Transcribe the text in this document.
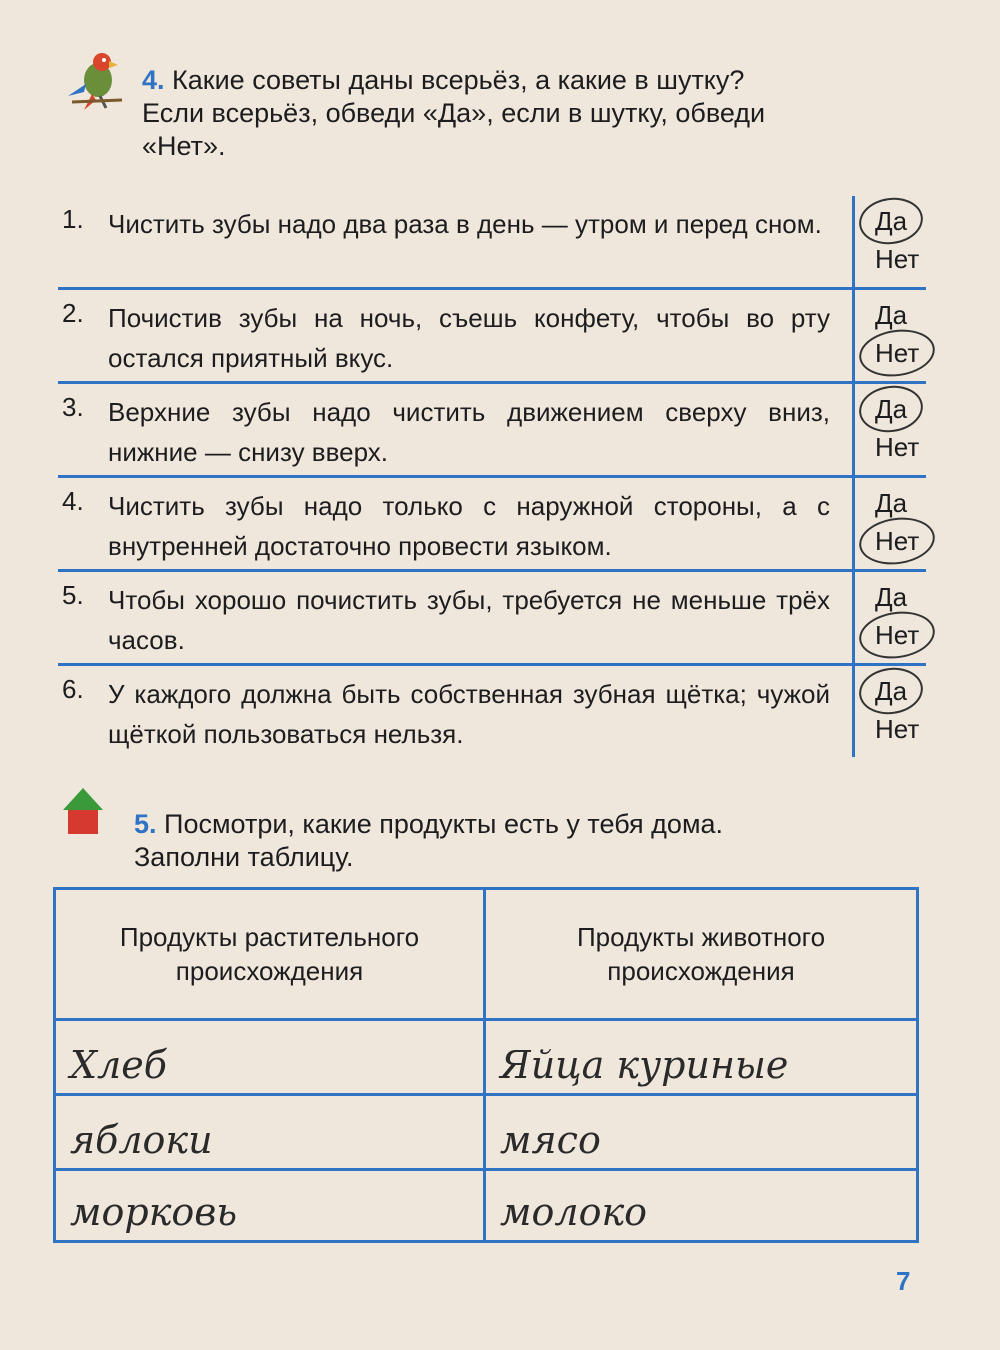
4. Какие советы даны всерьёз, а какие в шутку?
Если всерьёз, обведи «Да», если в шутку, обведи
«Нет».
1. Чистить зубы надо два раза в день — утром и перед сном.	Да
Нет
2. Почистив зубы на ночь, съешь конфету, чтобы во рту остался приятный вкус.
Да
Нет
3. Верхние зубы надо чистить движением сверху вниз, нижние — снизу вверх.
Да
Нет
4. Чистить зубы надо только с наружной стороны, а с внутренней достаточно провести языком.
Да
Нет
5. Чтобы хорошо почистить зубы, требуется не меньше трёх часов.
Да
Нет
6. У каждого должна быть собственная зубная щётка; чужой щёткой пользоваться нельзя.
Да
Нет
5. Посмотри, какие продукты есть у тебя дома.
Заполни таблицу.
Продукты растительного происхождения
Продукты животного происхождения
Хлеб	Яйца куриные
яблоки	мясо
морковь	молоко
7
